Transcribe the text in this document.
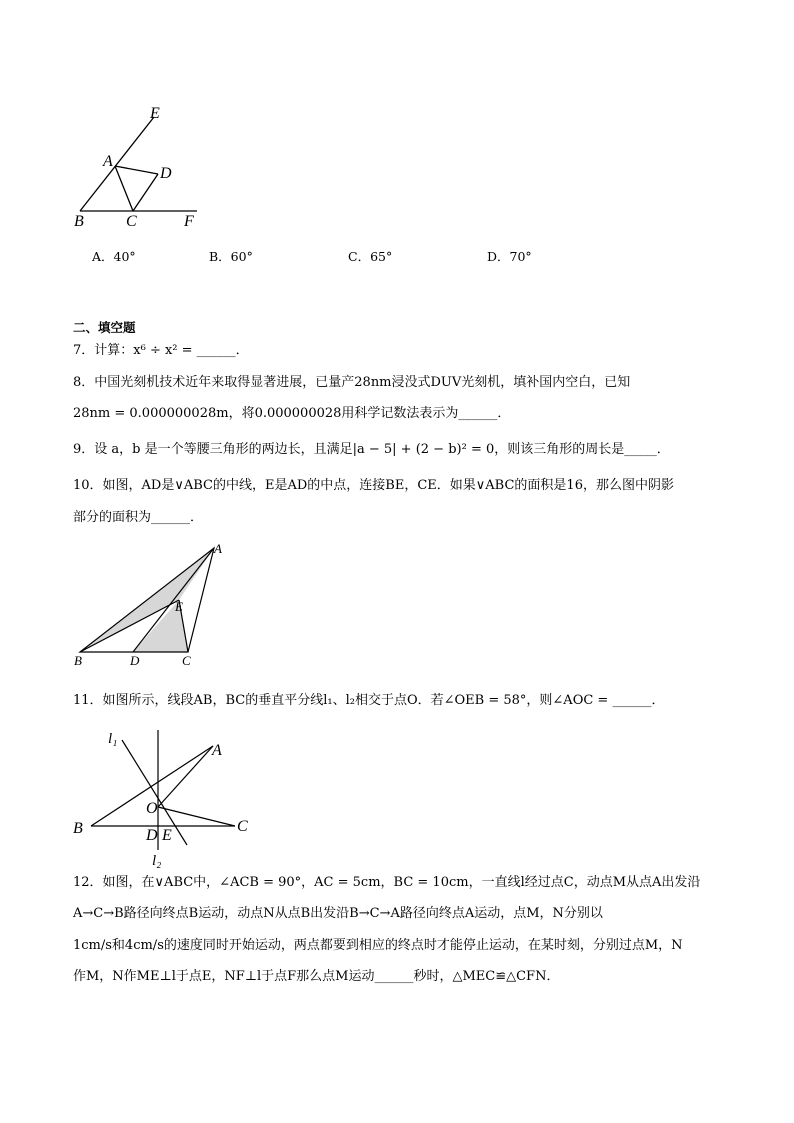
E
A
D
B	C	F
A．40°	B．60°	C．65°	D．70°
二、填空题
7．计算：x⁶ ÷ x² = ______．
8．中国光刻机技术近年来取得显著进展，已量产28nm浸没式DUV光刻机，填补国内空白，已知
28nm = 0.000000028m，将0.000000028用科学记数法表示为______．
9．设 a，b 是一个等腰三角形的两边长，且满足|a − 5| + (2 − b)² = 0，则该三角形的周长是_____．
10．如图，AD是∨ABC的中线，E是AD的中点，连接BE，CE．如果∨ABC的面积是16，那么图中阴影
部分的面积为______．
A
E
B	D	C
11．如图所示，线段AB，BC的垂直平分线l₁、l₂相交于点O．若∠OEB = 58°，则∠AOC = ______．
l₁
A
O
B	D E
C
l₂
12．如图，在∨ABC中，∠ACB = 90°，AC = 5cm，BC = 10cm，一直线l经过点C，动点M从点A出发沿
A→C→B路径向终点B运动，动点N从点B出发沿B→C→A路径向终点A运动，点M，N分别以
1cm/s和4cm/s的速度同时开始运动，两点都要到相应的终点时才能停止运动，在某时刻，分别过点M，N
作M，N作ME⊥l于点E，NF⊥l于点F那么点M运动______秒时，△MEC≌△CFN．
